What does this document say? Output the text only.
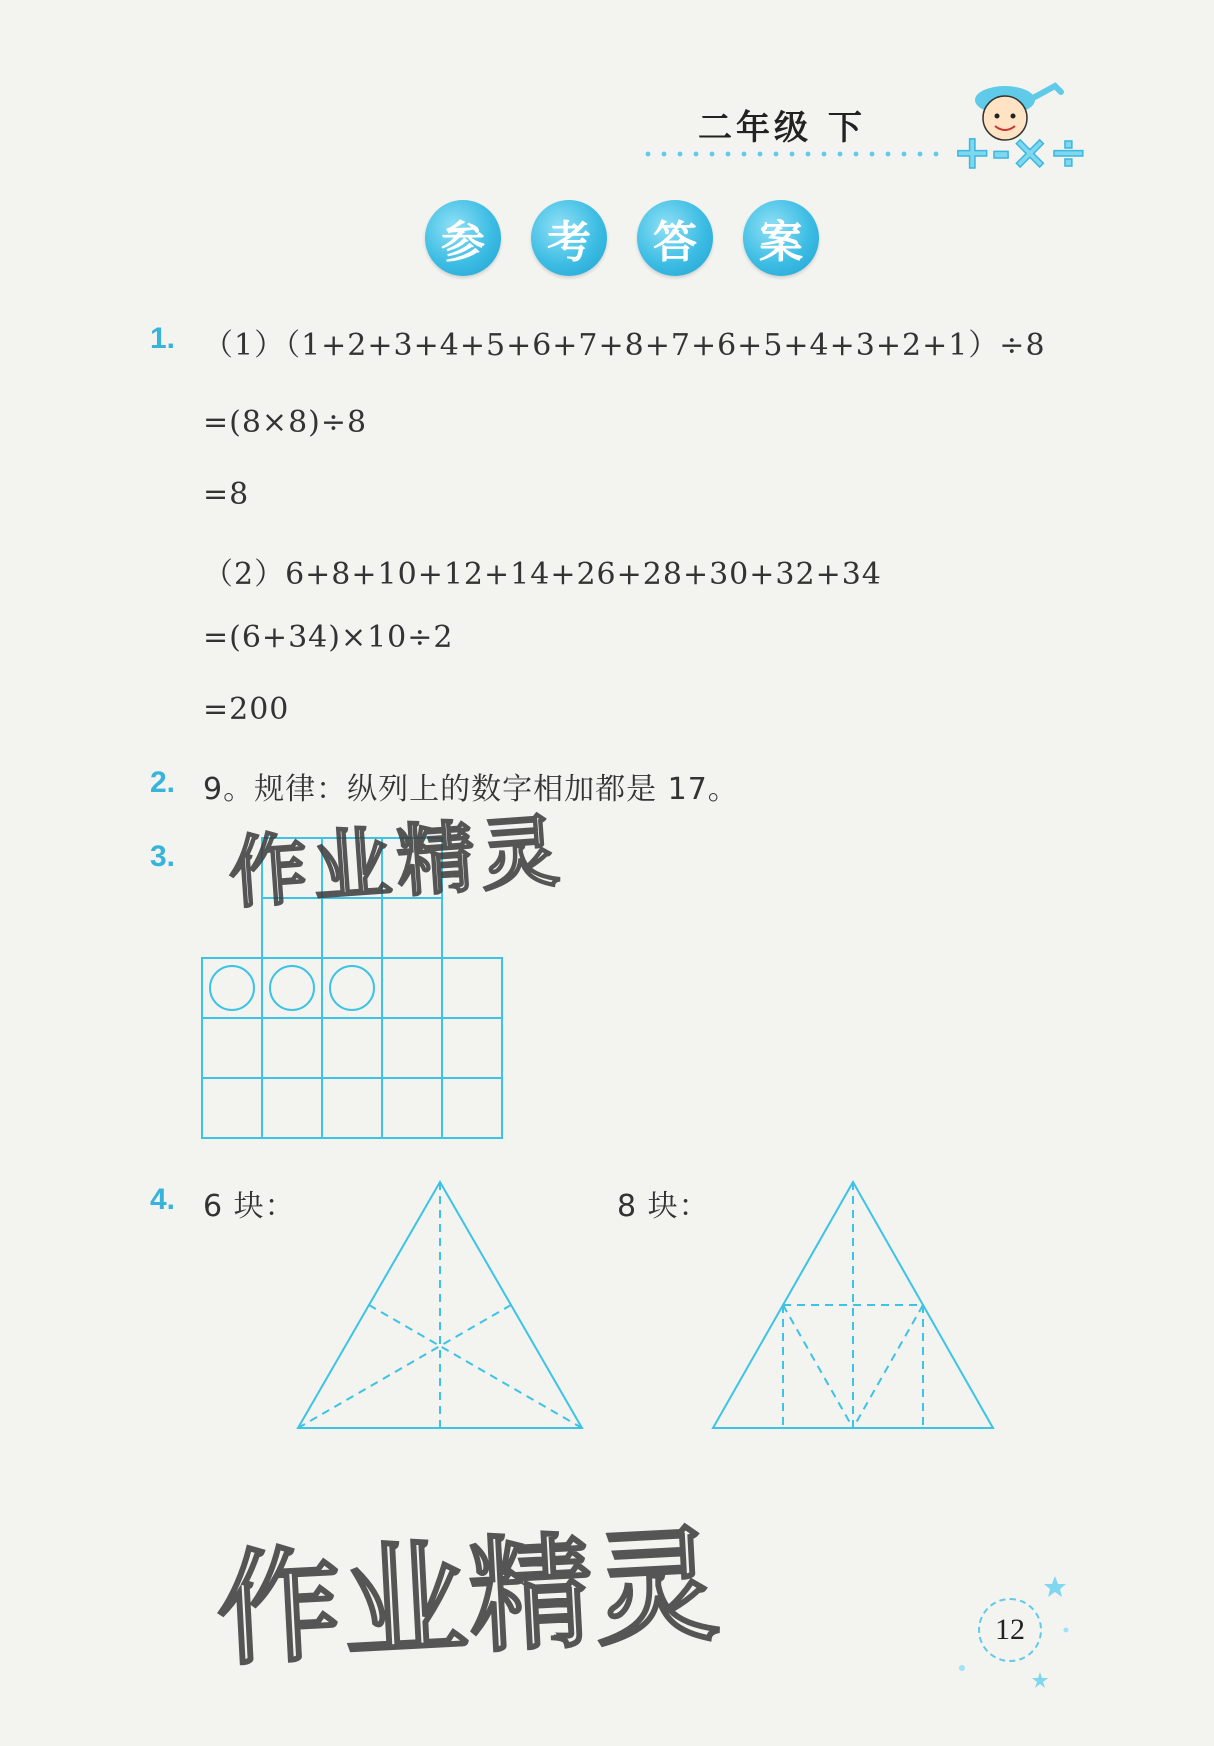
二年级 下 +-×÷
参	考	答	案
1. （1）（1+2+3+4+5+6+7+8+7+6+5+4+3+2+1）÷8
=(8×8)÷8
=8
（2）6+8+10+12+14+26+28+30+32+34
=(6+34)×10÷2
=200
2. 9。规律：纵列上的数字相加都是 17。
3.
4. 6 块：	8 块：
作业精灵
作业精灵	12
